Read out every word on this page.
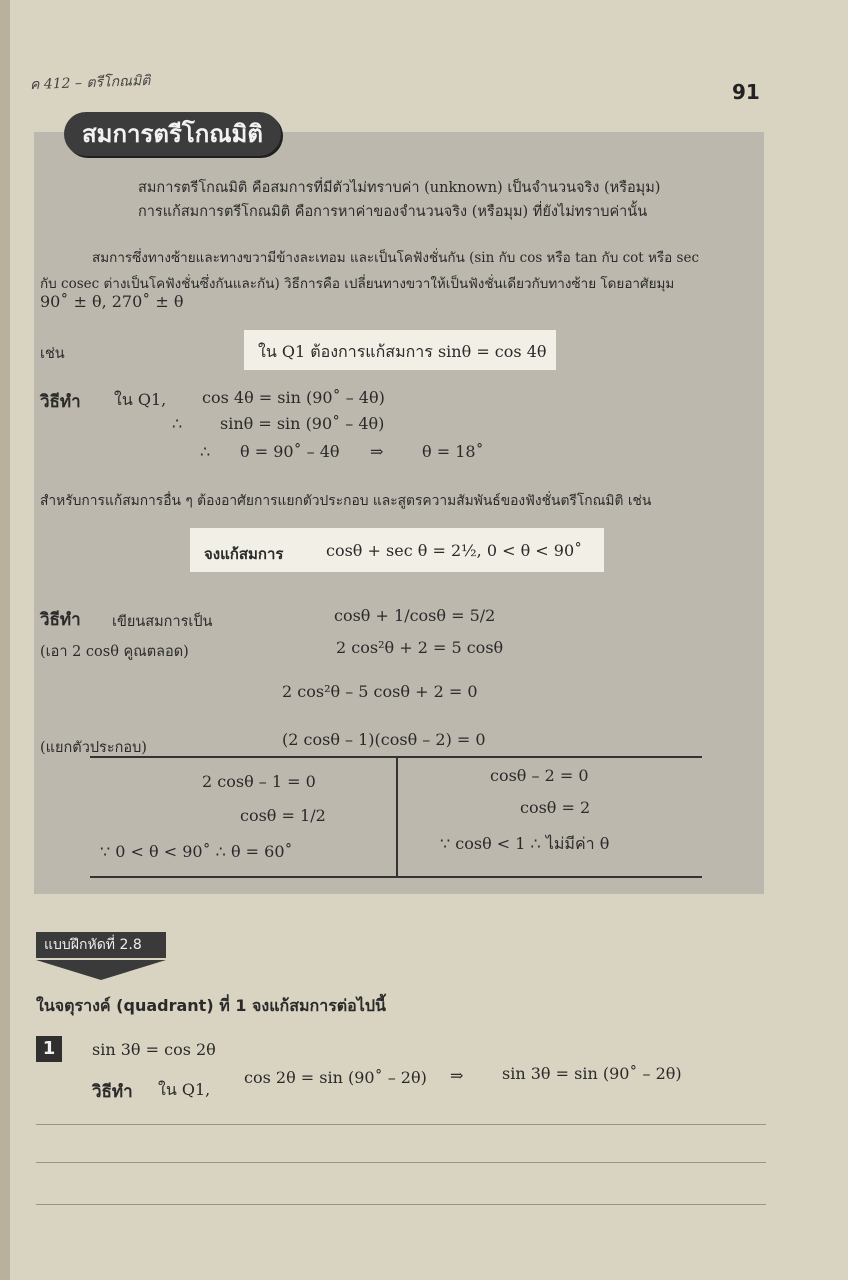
ค 412 – ตรีโกณมิติ	91
สมการตรีโกณมิติ
สมการตรีโกณมิติ คือสมการที่มีตัวไม่ทราบค่า (unknown) เป็นจำนวนจริง (หรือมุม)
การแก้สมการตรีโกณมิติ คือการหาค่าของจำนวนจริง (หรือมุม) ที่ยังไม่ทราบค่านั้น
สมการซึ่งทางซ้ายและทางขวามีข้างละเทอม และเป็นโคฟังชั่นกัน (sin กับ cos หรือ tan กับ cot หรือ sec
กับ cosec ต่างเป็นโคฟังชั่นซึ่งกันและกัน) วิธีการคือ เปลี่ยนทางขวาให้เป็นฟังชั่นเดียวกับทางซ้าย โดยอาศัยมุม
90˚ ± θ, 270˚ ± θ
เช่น	ใน Q1 ต้องการแก้สมการ sinθ = cos 4θ
วิธีทำ ใน Q1, cos 4θ = sin (90˚ – 4θ)
∴ sinθ = sin (90˚ – 4θ)
∴ θ = 90˚ – 4θ ⇒ θ = 18˚
สำหรับการแก้สมการอื่น ๆ ต้องอาศัยการแยกตัวประกอบ และสูตรความสัมพันธ์ของฟังชั่นตรีโกณมิติ เช่น
จงแก้สมการ	cosθ + sec θ = 2½, 0 < θ < 90˚
วิธีทำ เขียนสมการเป็น	cosθ + 1/cosθ = 5/2
(เอา 2 cosθ คูณตลอด)	2 cos²θ + 2 = 5 cosθ
2 cos²θ – 5 cosθ + 2 = 0
(แยกตัวประกอบ)	(2 cosθ – 1)(cosθ – 2) = 0
2 cosθ – 1 = 0
cosθ = 1/2
∵ 0 < θ < 90˚ ∴ θ = 60˚
cosθ – 2 = 0
cosθ = 2
∵ cosθ < 1 ∴ ไม่มีค่า θ
แบบฝึกหัดที่ 2.8
ในจตุรางค์ (quadrant) ที่ 1 จงแก้สมการต่อไปนี้
1	sin 3θ = cos 2θ
วิธีทำ ใน Q1,
cos 2θ = sin (90˚ – 2θ) ⇒ sin 3θ = sin (90˚ – 2θ)
